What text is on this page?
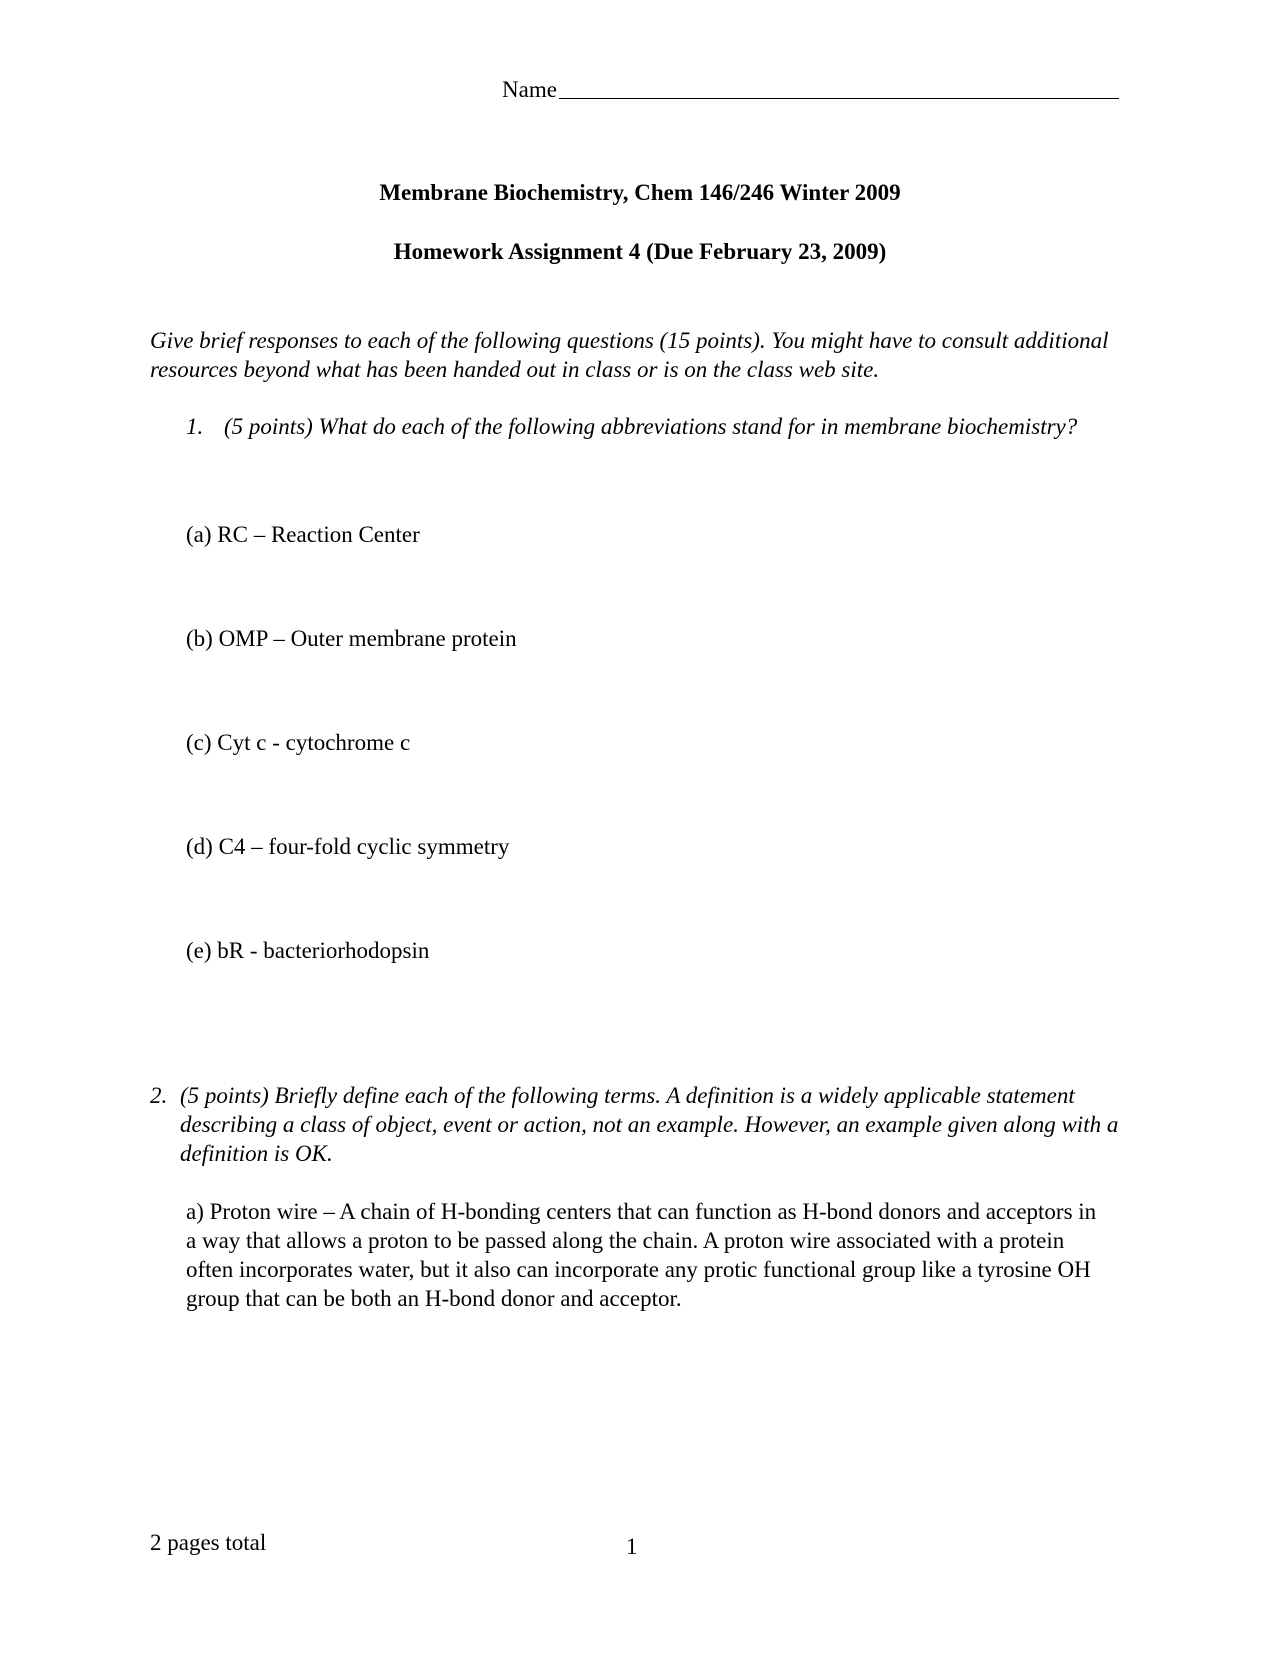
Name

Membrane Biochemistry, Chem 146/246 Winter 2009

Homework Assignment 4 (Due February 23, 2009)

Give brief responses to each of the following questions (15 points). You might have to consult additional resources beyond what has been handed out in class or is on the class web site.

1. (5 points) What do each of the following abbreviations stand for in membrane biochemistry?

(a) RC – Reaction Center

(b) OMP – Outer membrane protein

(c) Cyt c - cytochrome c

(d) C4 – four-fold cyclic symmetry

(e) bR - bacteriorhodopsin

2. (5 points) Briefly define each of the following terms. A definition is a widely applicable statement describing a class of object, event or action, not an example. However, an example given along with a definition is OK.

a) Proton wire – A chain of H-bonding centers that can function as H-bond donors and acceptors in a way that allows a proton to be passed along the chain. A proton wire associated with a protein often incorporates water, but it also can incorporate any protic functional group like a tyrosine OH group that can be both an H-bond donor and acceptor.

2 pages total	1
